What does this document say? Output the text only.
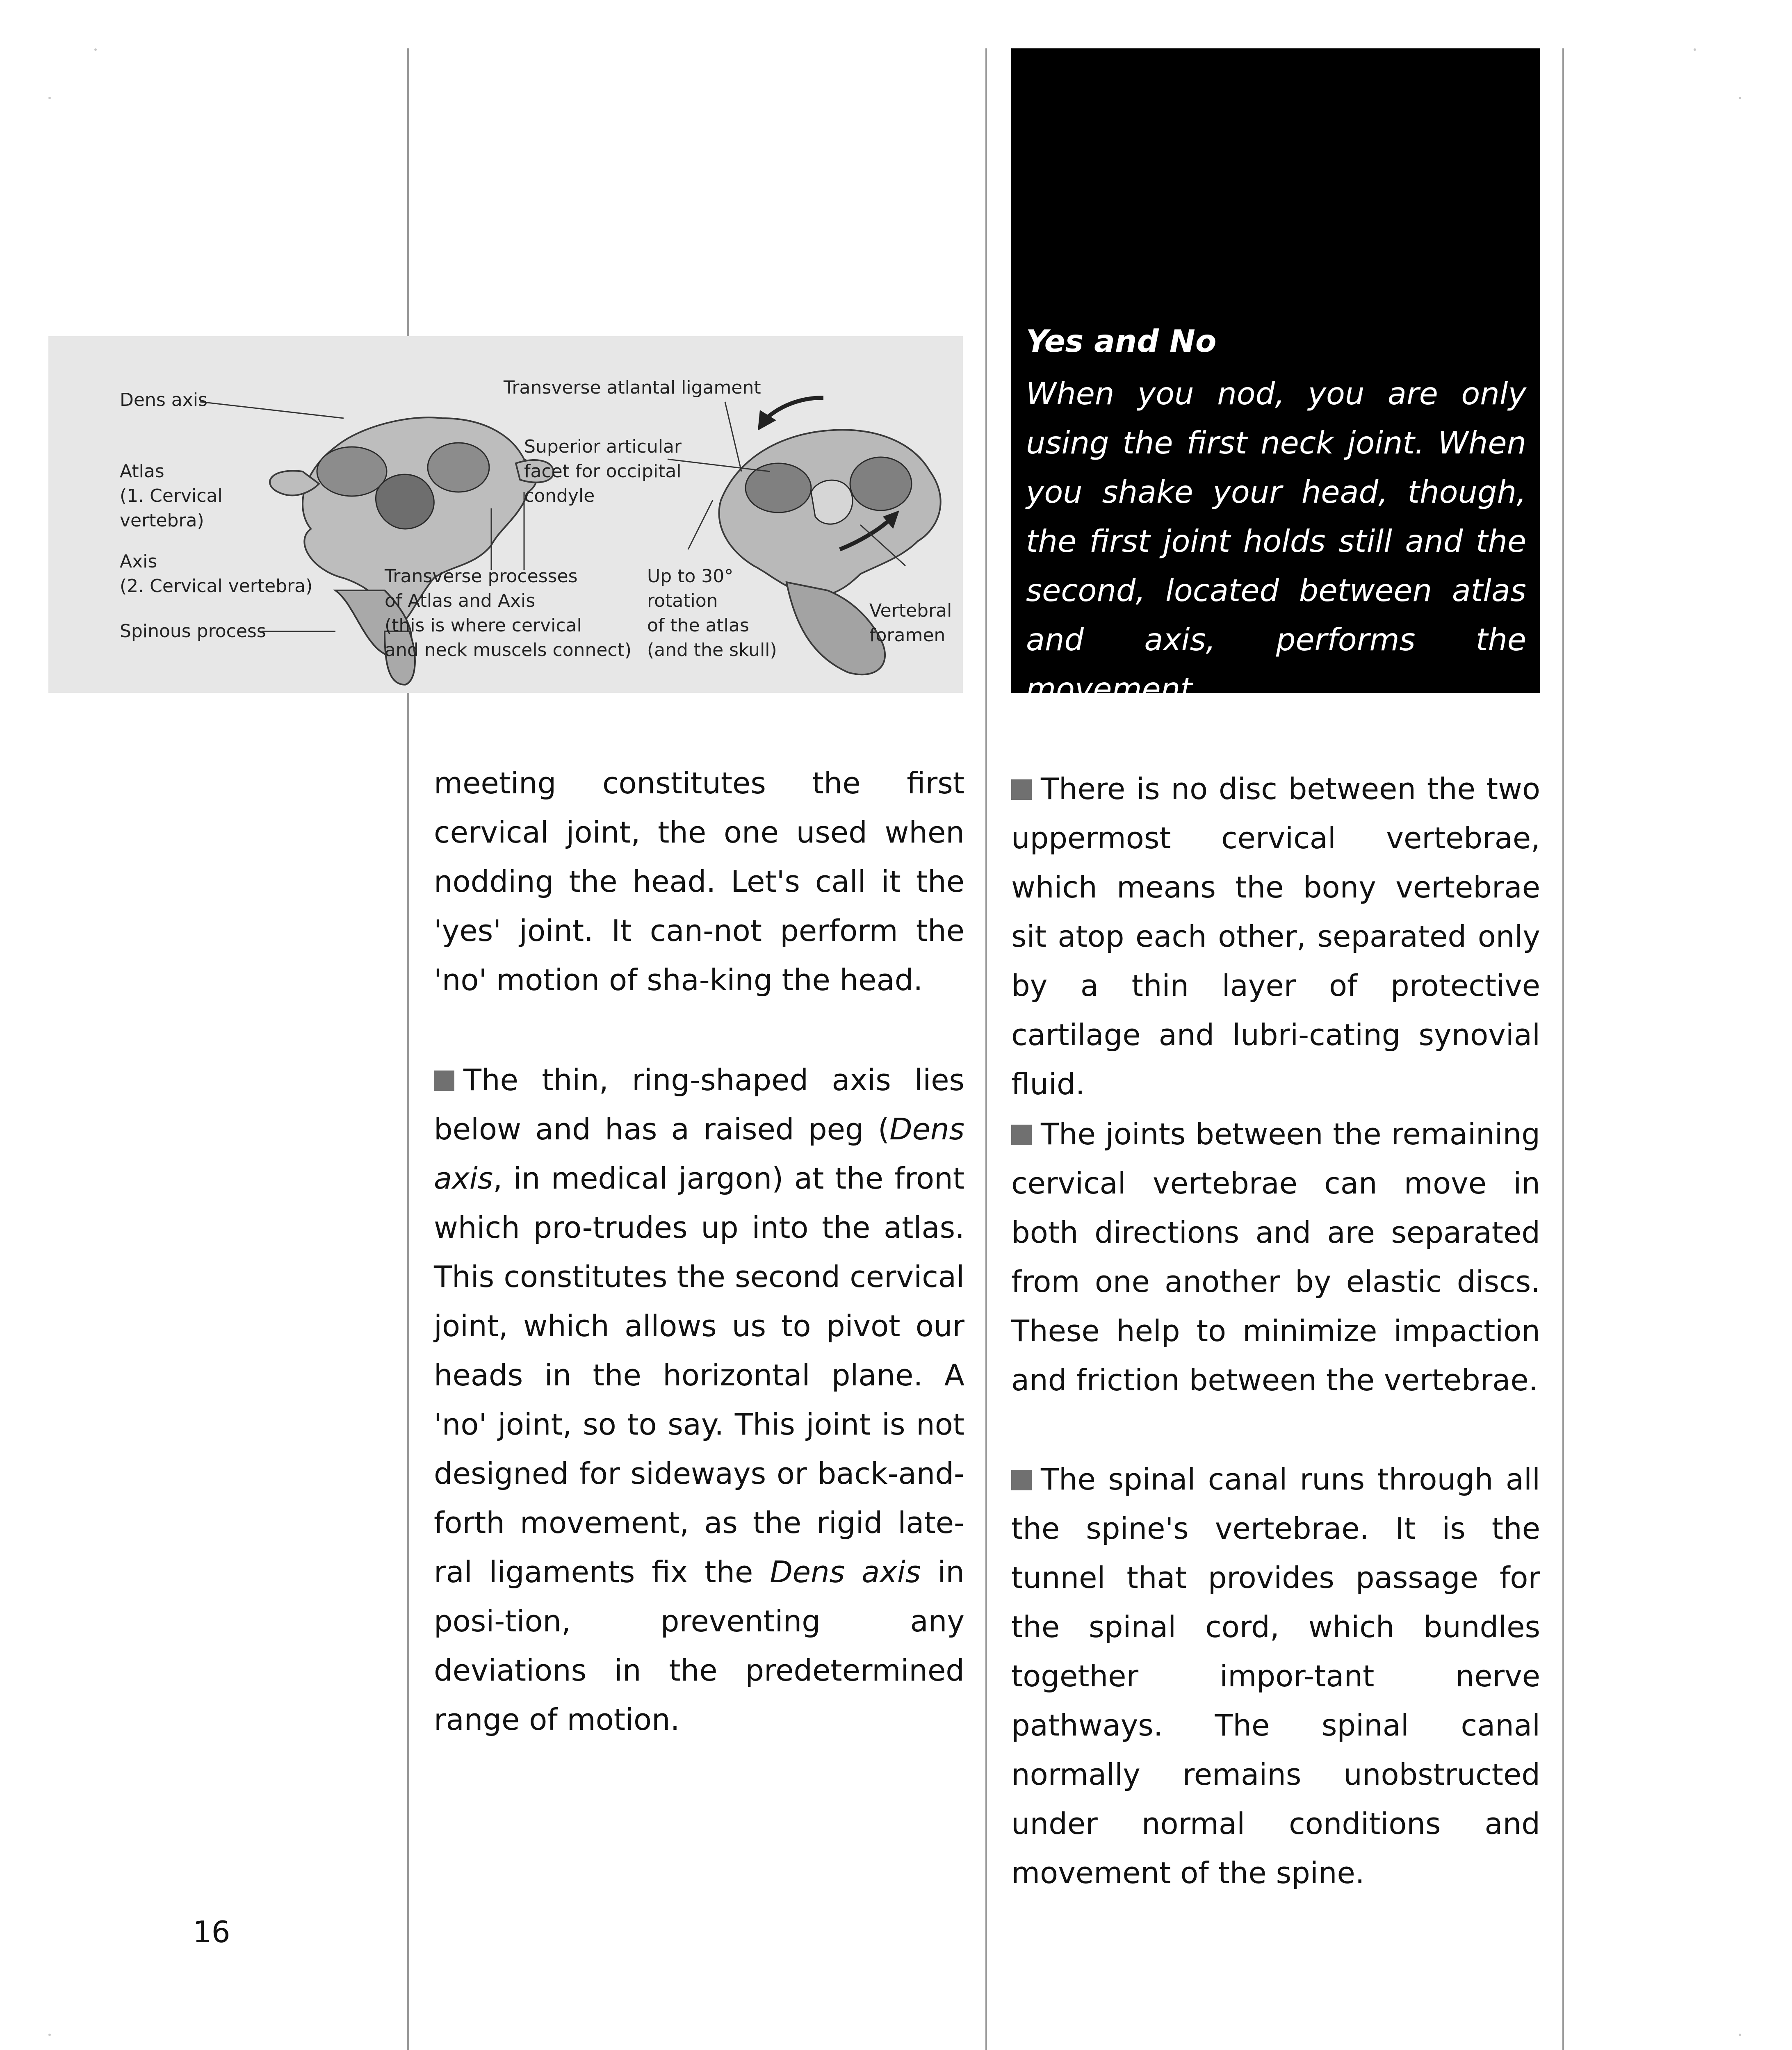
Dens axis
Atlas
(1. Cervical
vertebra)
Axis
(2. Cervical vertebra)
Spinous process
Transverse atlantal ligament
Superior articular
facet for occipital
condyle
Transverse processes
of Atlas and Axis
(this is where cervical
and neck muscels connect)
Up to 30°
rotation
of the atlas
(and the skull)
Vertebral
foramen
Yes and No
When you nod, you are only using the first neck joint. When you shake your head, though, the first joint holds still and the second, located between atlas and axis, performs the movement.
meeting constitutes the first cervical joint, the one used when nodding the head. Let's call it the 'yes' joint. It can-not perform the 'no' motion of sha-king the head.
The thin, ring-shaped axis lies below and has a raised peg (Dens axis, in medical jargon) at the front which pro-trudes up into the atlas. This constitutes the second cervical joint, which allows us to pivot our heads in the horizontal plane. A 'no' joint, so to say. This joint is not designed for sideways or back-and-forth movement, as the rigid late-ral ligaments fix the Dens axis in posi-tion, preventing any deviations in the predetermined range of motion.
There is no disc between the two uppermost cervical vertebrae, which means the bony vertebrae sit atop each other, separated only by a thin layer of protective cartilage and lubri-cating synovial fluid.
The joints between the remaining cervical vertebrae can move in both directions and are separated from one another by elastic discs. These help to minimize impaction and friction between the vertebrae.
The spinal canal runs through all the spine's vertebrae. It is the tunnel that provides passage for the spinal cord, which bundles together impor-tant nerve pathways. The spinal canal normally remains unobstructed under normal conditions and movement of the spine.
16
